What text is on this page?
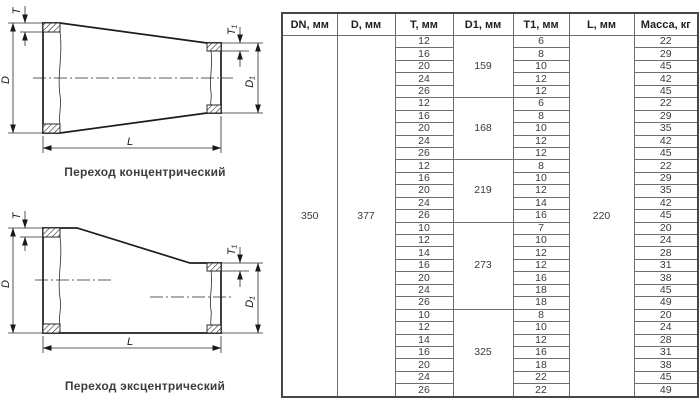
D
T
T₁
D₁
L
Переход концентрический
D
T
T₁
D₁
L
Переход эксцентрический
DN, мм	D, мм	T, мм	D1, мм	T1, мм	L, мм	Масса, кг
350	377	12	159	6	220	22
		16		8		29
		20		10		45
		24		12		42
		26		12		45
		12	168	6		22
		16		8		29
		20		10		35
		24		12		42
		26		12		45
		12	219	8		22
		16		10		29
		20		12		35
		24		14		42
		26		16		45
		10	273	7		20
		12		10		24
		14		12		28
		16		12		31
		20		16		38
		24		18		45
		26		18		49
		10	325	8		20
		12		10		24
		14		12		28
		16		16		31
		20		18		38
		24		22		45
		26		22		49
